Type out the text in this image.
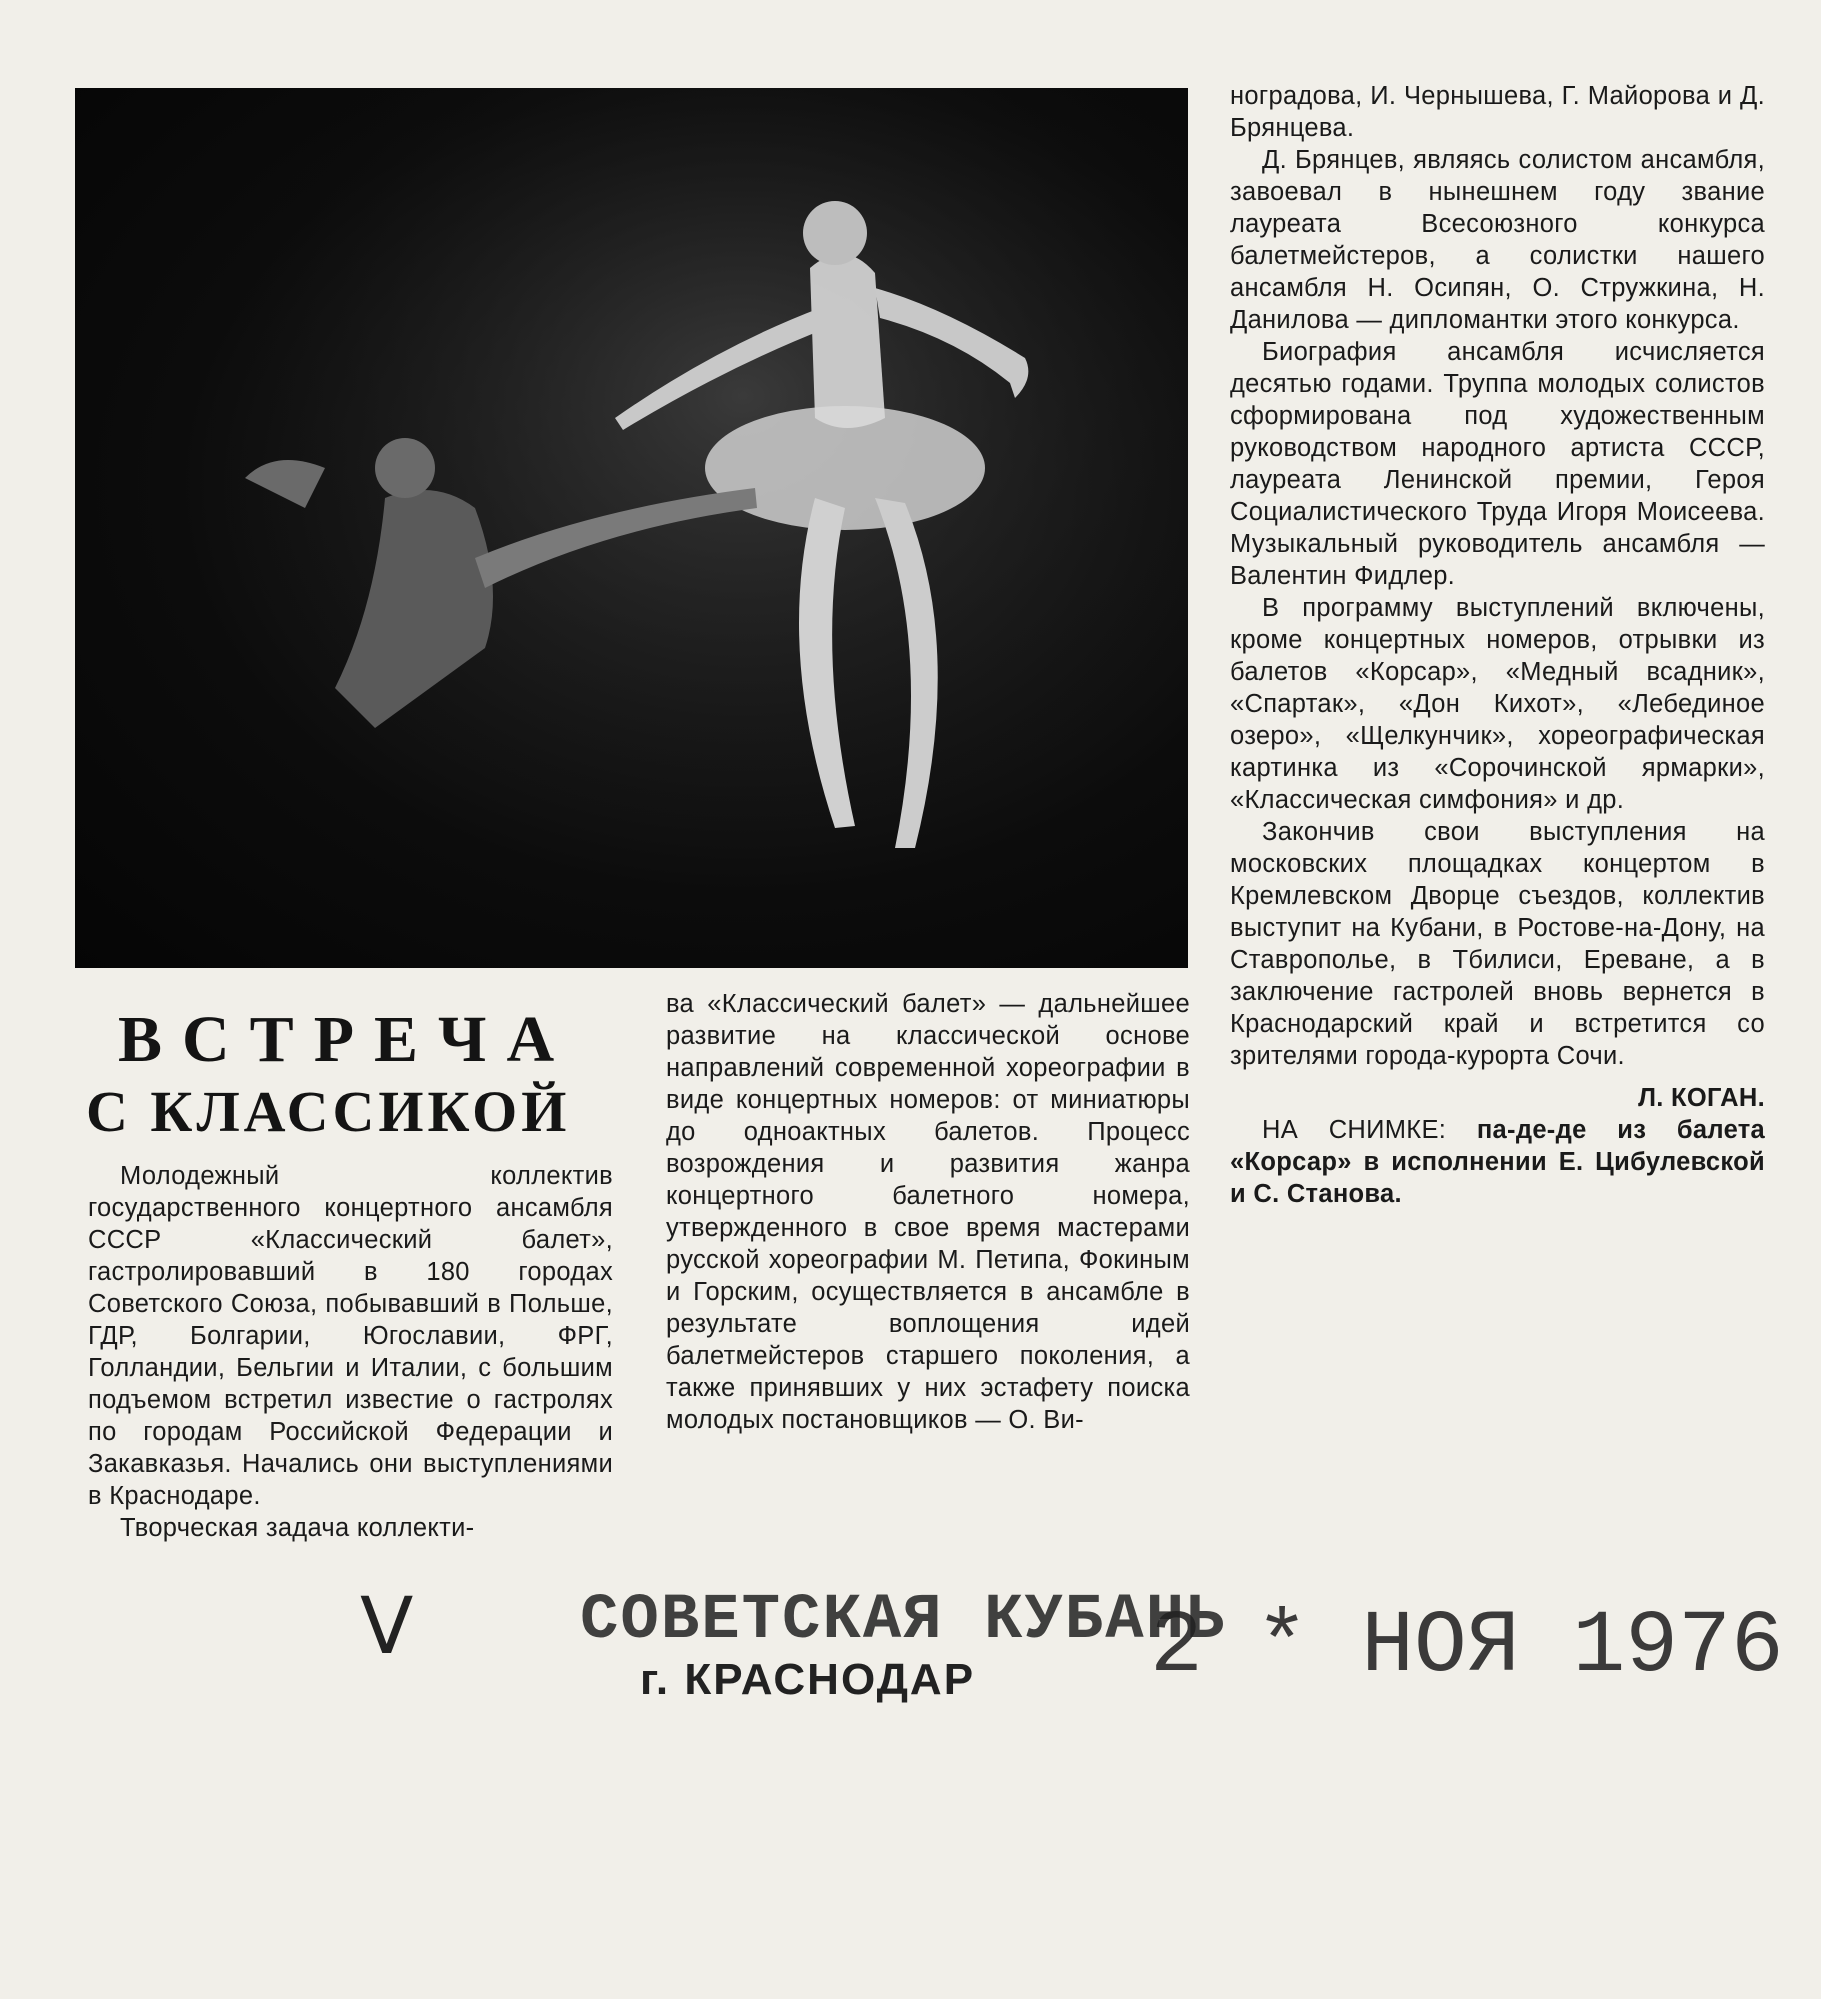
ВСТРЕЧА
С КЛАССИКОЙ

Молодежный коллектив государственного концертного ансамбля СССР «Классический балет», гастролировавший в 180 городах Советского Союза, побывавший в Польше, ГДР, Болгарии, Югославии, ФРГ, Голландии, Бельгии и Италии, с большим подъемом встретил известие о гастролях по городам Российской Федерации и Закавказья. Начались они выступлениями в Краснодаре.

Творческая задача коллекти-

ва «Классический балет» — дальнейшее развитие на классической основе направлений современной хореографии в виде концертных номеров: от миниатюры до одноактных балетов. Процесс возрождения и развития жанра концертного балетного номера, утвержденного в свое время мастерами русской хореографии М. Петипа, Фокиным и Горским, осуществляется в ансамбле в результате воплощения идей балетмейстеров старшего поколения, а также принявших у них эстафету поиска молодых постановщиков — О. Ви-

ноградова, И. Чернышева, Г. Майорова и Д. Брянцева.

Д. Брянцев, являясь солистом ансамбля, завоевал в нынешнем году звание лауреата Всесоюзного конкурса балетмейстеров, а солистки нашего ансамбля Н. Осипян, О. Стружкина, Н. Данилова — дипломантки этого конкурса.

Биография ансамбля исчисляется десятью годами. Труппа молодых солистов сформирована под художественным руководством народного артиста СССР, лауреата Ленинской премии, Героя Социалистического Труда Игоря Моисеева. Музыкальный руководитель ансамбля — Валентин Фидлер.

В программу выступлений включены, кроме концертных номеров, отрывки из балетов «Корсар», «Медный всадник», «Спартак», «Дон Кихот», «Лебединое озеро», «Щелкунчик», хореографическая картинка из «Сорочинской ярмарки», «Классическая симфония» и др.

Закончив свои выступления на московских площадках концертом в Кремлевском Дворце съездов, коллектив выступит на Кубани, в Ростове-на-Дону, на Ставрополье, в Тбилиси, Ереване, а в заключение гастролей вновь вернется в Краснодарский край и встретится со зрителями города-курорта Сочи.

Л. КОГАН.

НА СНИМКЕ: па-де-де из балета «Корсар» в исполнении Е. Цибулевской и С. Станова.

V	СОВЕТСКАЯ КУБАНЬ
г. КРАСНОДАР 2 * НОЯ 1976
